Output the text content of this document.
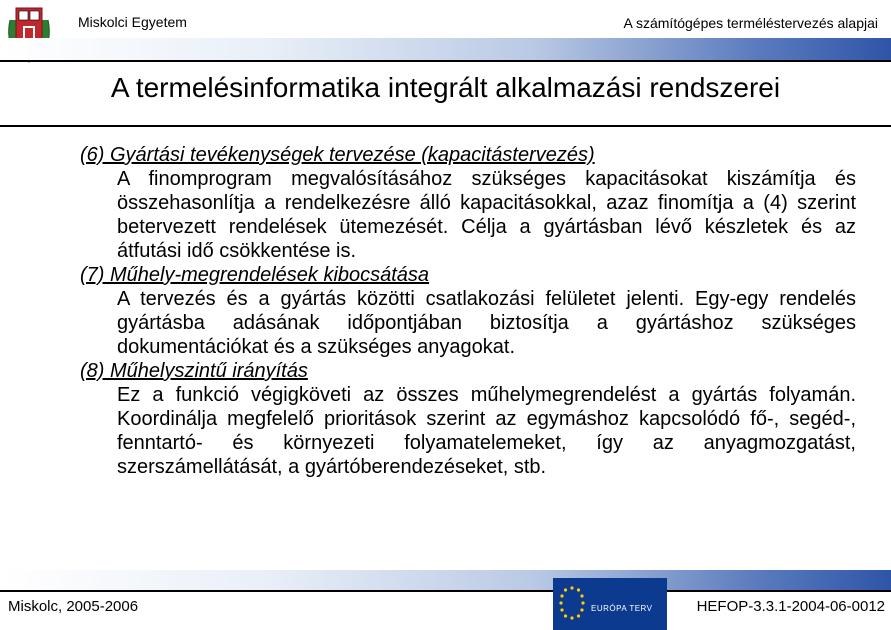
Miskolci Egyetem	A számítógépes terméléstervezés alapjai
A termelésinformatika integrált alkalmazási rendszerei

(6) Gyártási tevékenységek tervezése (kapacitástervezés)

A finomprogram megvalósításához szükséges kapacitásokat kiszámítja és összehasonlítja a rendelkezésre álló kapacitásokkal, azaz finomítja a (4) szerint betervezett rendelések ütemezését. Célja a gyártásban lévő készletek és az átfutási idő csökkentése is.

(7) Műhely-megrendelések kibocsátása

A tervezés és a gyártás közötti csatlakozási felületet jelenti. Egy-egy rendelés gyártásba adásának időpontjában biztosítja a gyártáshoz szükséges dokumentációkat és a szükséges anyagokat.

(8) Műhelyszintű irányítás

Ez a funkció végigköveti az összes műhelymegrendelést a gyártás folyamán. Koordinálja megfelelő prioritások szerint az egymáshoz kapcsolódó fő-, segéd-, fenntartó- és környezeti folyamatelemeket, így az anyagmozgatást, szerszámellátását, a gyártóberendezéseket, stb.

Miskolc, 2005-2006	EURÓPA TERV	HEFOP-3.3.1-2004-06-0012
